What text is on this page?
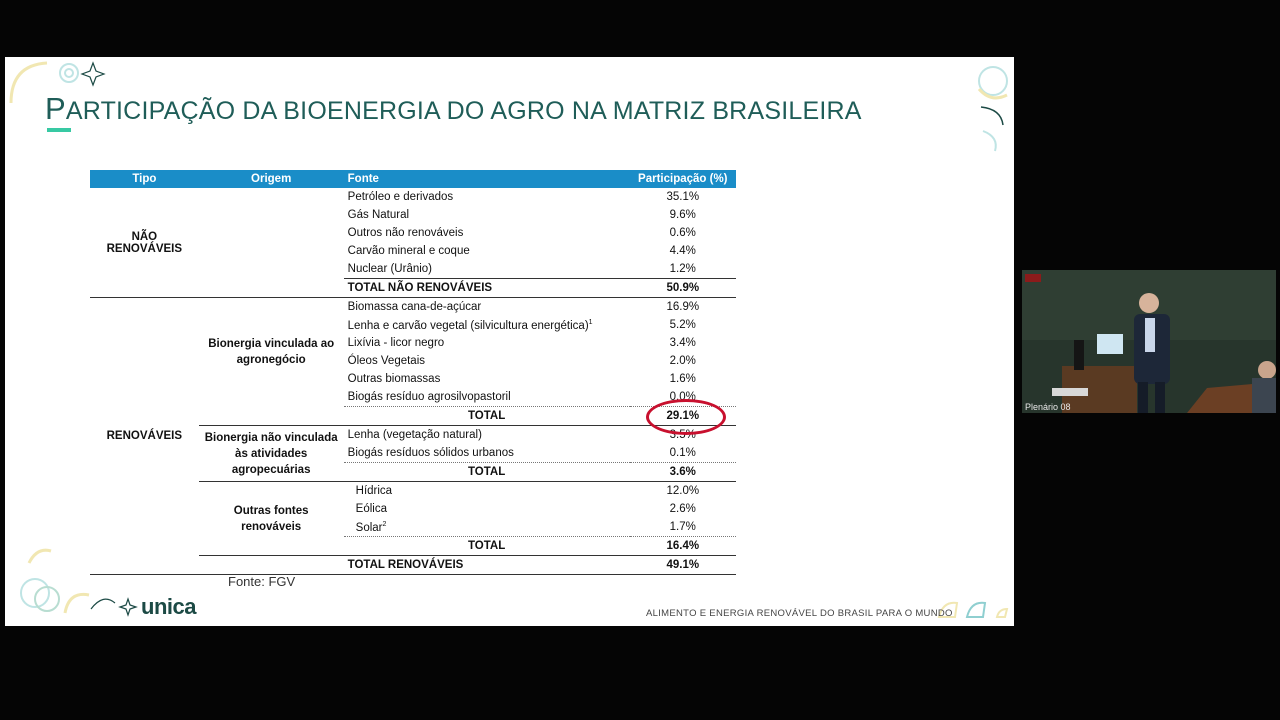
PARTICIPAÇÃO DA BIOENERGIA DO AGRO NA MATRIZ BRASILEIRA
Tipo	Origem	Fonte	Participação (%)
NÃO RENOVÁVEIS		Petróleo e derivados	35.1%
		Gás Natural	9.6%
		Outros não renováveis	0.6%
		Carvão mineral e coque	4.4%
		Nuclear (Urânio)	1.2%
		TOTAL NÃO RENOVÁVEIS	50.9%
RENOVÁVEIS	Bionergia vinculada ao agronegócio	Biomassa cana-de-açúcar	16.9%
		Lenha e carvão vegetal (silvicultura energética)$^1$	5.2%
		Lixívia - licor negro	3.4%
		Óleos Vegetais	2.0%
		Outras biomassas	1.6%
		Biogás resíduo agrosilvopastoril	0.0%
		TOTAL	29.1%
	Bionergia não vinculada às atividades agropecuárias	Lenha (vegetação natural)	3.5%
		Biogás resíduos sólidos urbanos	0.1%
		TOTAL	3.6%
	Outras fontes renováveis	Hídrica	12.0%
		Eólica	2.6%
		Solar$^2$	1.7%
		TOTAL	16.4%
		TOTAL RENOVÁVEIS	49.1%
Fonte: FGV
unica	ALIMENTO E ENERGIA RENOVÁVEL DO BRASIL PARA O MUNDO
Plenário 08
